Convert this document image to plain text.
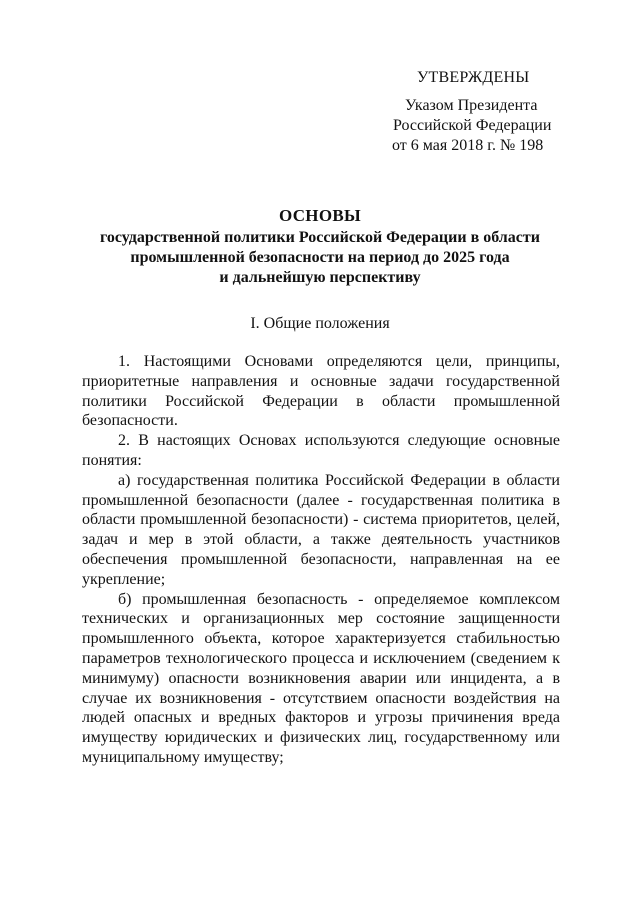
УТВЕРЖДЕНЫ
Указом Президента
Российской Федерации
от 6 мая 2018 г. № 198
ОСНОВЫ
государственной политики Российской Федерации в области
промышленной безопасности на период до 2025 года
и дальнейшую перспективу
I. Общие положения

1. Настоящими Основами определяются цели, принципы, приоритетные направления и основные задачи государственной политики Российской Федерации в области промышленной безопасности.

2. В настоящих Основах используются следующие основные понятия:

а) государственная политика Российской Федерации в области промышленной безопасности (далее - государственная политика в области промышленной безопасности) - система приоритетов, целей, задач и мер в этой области, а также деятельность участников обеспечения промышленной безопасности, направленная на ее укрепление;

б) промышленная безопасность - определяемое комплексом технических и организационных мер состояние защищенности промышленного объекта, которое характеризуется стабильностью параметров технологического процесса и исключением (сведением к минимуму) опасности возникновения аварии или инцидента, а в случае их возникновения - отсутствием опасности воздействия на людей опасных и вредных факторов и угрозы причинения вреда имуществу юридических и физических лиц, государственному или муниципальному имуществу;
